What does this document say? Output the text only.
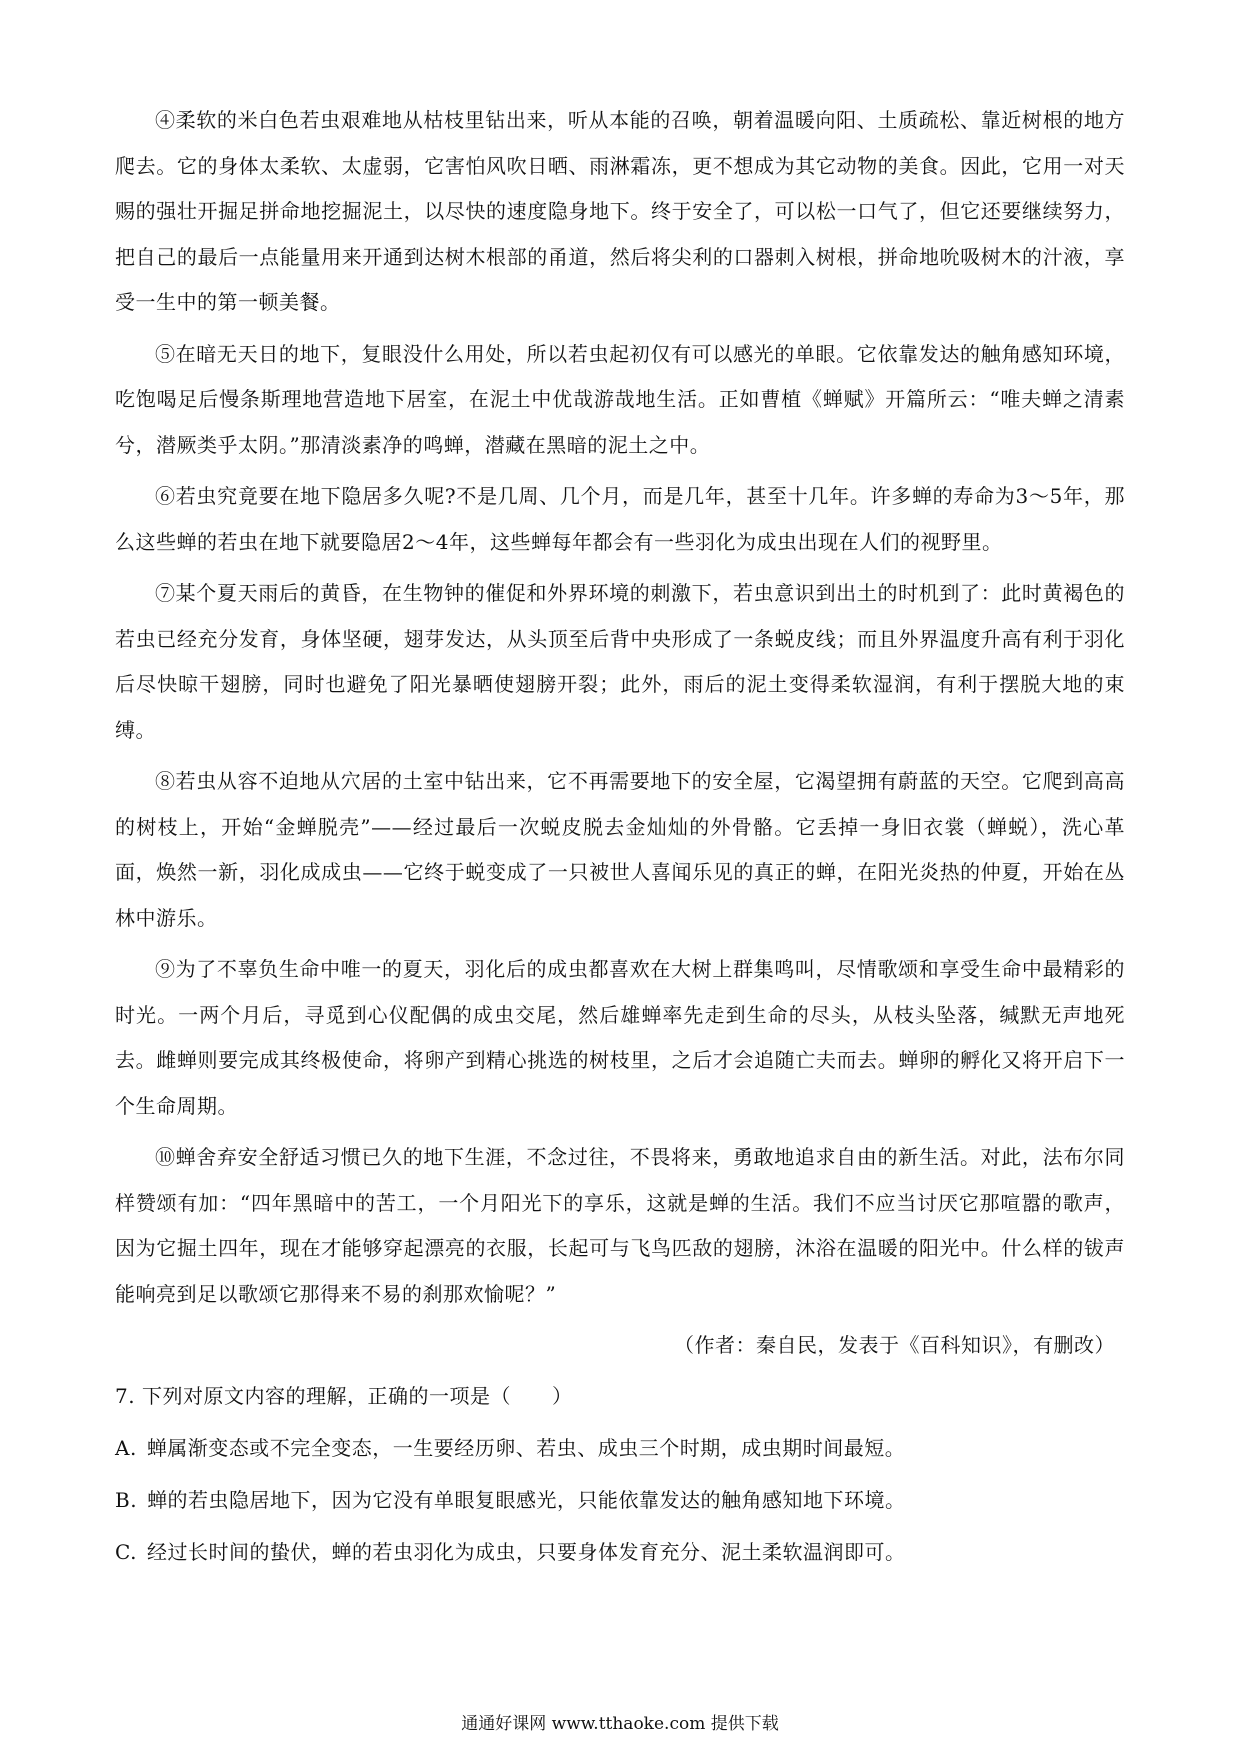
④柔软的米白色若虫艰难地从枯枝里钻出来，听从本能的召唤，朝着温暖向阳、土质疏松、靠近树根的地方爬去。它的身体太柔软、太虚弱，它害怕风吹日晒、雨淋霜冻，更不想成为其它动物的美食。因此，它用一对天赐的强壮开掘足拼命地挖掘泥土，以尽快的速度隐身地下。终于安全了，可以松一口气了，但它还要继续努力，把自己的最后一点能量用来开通到达树木根部的甬道，然后将尖利的口器刺入树根，拼命地吮吸树木的汁液，享受一生中的第一顿美餐。

⑤在暗无天日的地下，复眼没什么用处，所以若虫起初仅有可以感光的单眼。它依靠发达的触角感知环境，吃饱喝足后慢条斯理地营造地下居室，在泥土中优哉游哉地生活。正如曹植《蝉赋》开篇所云：“唯夫蝉之清素兮，潜厥类乎太阴。”那清淡素净的鸣蝉，潜藏在黑暗的泥土之中。

⑥若虫究竟要在地下隐居多久呢?不是几周、几个月，而是几年，甚至十几年。许多蝉的寿命为3～5年，那么这些蝉的若虫在地下就要隐居2～4年，这些蝉每年都会有一些羽化为成虫出现在人们的视野里。

⑦某个夏天雨后的黄昏，在生物钟的催促和外界环境的刺激下，若虫意识到出土的时机到了：此时黄褐色的若虫已经充分发育，身体坚硬，翅芽发达，从头顶至后背中央形成了一条蜕皮线；而且外界温度升高有利于羽化后尽快晾干翅膀，同时也避免了阳光暴晒使翅膀开裂；此外，雨后的泥土变得柔软湿润，有利于摆脱大地的束缚。

⑧若虫从容不迫地从穴居的土室中钻出来，它不再需要地下的安全屋，它渴望拥有蔚蓝的天空。它爬到高高的树枝上，开始“金蝉脱壳”——经过最后一次蜕皮脱去金灿灿的外骨骼。它丢掉一身旧衣裳（蝉蜕），洗心革面，焕然一新，羽化成成虫——它终于蜕变成了一只被世人喜闻乐见的真正的蝉，在阳光炎热的仲夏，开始在丛林中游乐。

⑨为了不辜负生命中唯一的夏天，羽化后的成虫都喜欢在大树上群集鸣叫，尽情歌颂和享受生命中最精彩的时光。一两个月后，寻觅到心仪配偶的成虫交尾，然后雄蝉率先走到生命的尽头，从枝头坠落，缄默无声地死去。雌蝉则要完成其终极使命，将卵产到精心挑选的树枝里，之后才会追随亡夫而去。蝉卵的孵化又将开启下一个生命周期。

⑩蝉舍弃安全舒适习惯已久的地下生涯，不念过往，不畏将来，勇敢地追求自由的新生活。对此，法布尔同样赞颂有加：“四年黑暗中的苦工，一个月阳光下的享乐，这就是蝉的生活。我们不应当讨厌它那喧嚣的歌声，因为它掘土四年，现在才能够穿起漂亮的衣服，长起可与飞鸟匹敌的翅膀，沐浴在温暖的阳光中。什么样的钹声能响亮到足以歌颂它那得来不易的刹那欢愉呢？”

（作者：秦自民，发表于《百科知识》，有删改）

7. 下列对原文内容的理解，正确的一项是（　　）

A. 蝉属渐变态或不完全变态，一生要经历卵、若虫、成虫三个时期，成虫期时间最短。

B. 蝉的若虫隐居地下，因为它没有单眼复眼感光，只能依靠发达的触角感知地下环境。

C. 经过长时间的蛰伏，蝉的若虫羽化为成虫，只要身体发育充分、泥土柔软温润即可。

通通好课网 www.tthaoke.com 提供下载
